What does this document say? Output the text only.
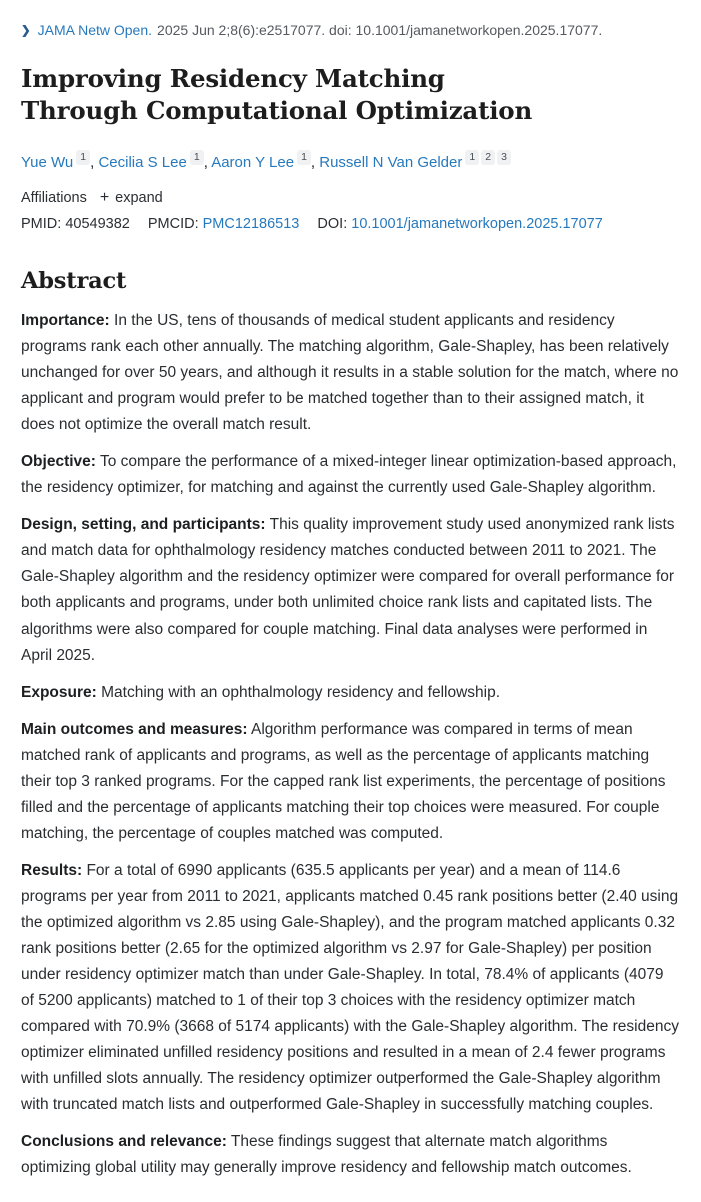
❯ JAMA Netw Open. 2025 Jun 2;8(6):e2517077. doi: 10.1001/jamanetworkopen.2025.17077.
Improving Residency Matching Through Computational Optimization
Yue Wu 1 , Cecilia S Lee 1 , Aaron Y Lee 1 , Russell N Van Gelder 1 2 3
Affiliations + expand
PMID: 40549382 PMCID: PMC12186513 DOI: 10.1001/jamanetworkopen.2025.17077
Abstract

Importance: In the US, tens of thousands of medical student applicants and residency programs rank each other annually. The matching algorithm, Gale-Shapley, has been relatively unchanged for over 50 years, and although it results in a stable solution for the match, where no applicant and program would prefer to be matched together than to their assigned match, it does not optimize the overall match result.

Objective: To compare the performance of a mixed-integer linear optimization-based approach, the residency optimizer, for matching and against the currently used Gale-Shapley algorithm.

Design, setting, and participants: This quality improvement study used anonymized rank lists and match data for ophthalmology residency matches conducted between 2011 to 2021. The Gale-Shapley algorithm and the residency optimizer were compared for overall performance for both applicants and programs, under both unlimited choice rank lists and capitated lists. The algorithms were also compared for couple matching. Final data analyses were performed in April 2025.

Exposure: Matching with an ophthalmology residency and fellowship.

Main outcomes and measures: Algorithm performance was compared in terms of mean matched rank of applicants and programs, as well as the percentage of applicants matching their top 3 ranked programs. For the capped rank list experiments, the percentage of positions filled and the percentage of applicants matching their top choices were measured. For couple matching, the percentage of couples matched was computed.

Results: For a total of 6990 applicants (635.5 applicants per year) and a mean of 114.6 programs per year from 2011 to 2021, applicants matched 0.45 rank positions better (2.40 using the optimized algorithm vs 2.85 using Gale-Shapley), and the program matched applicants 0.32 rank positions better (2.65 for the optimized algorithm vs 2.97 for Gale-Shapley) per position under residency optimizer match than under Gale-Shapley. In total, 78.4% of applicants (4079 of 5200 applicants) matched to 1 of their top 3 choices with the residency optimizer match compared with 70.9% (3668 of 5174 applicants) with the Gale-Shapley algorithm. The residency optimizer eliminated unfilled residency positions and resulted in a mean of 2.4 fewer programs with unfilled slots annually. The residency optimizer outperformed the Gale-Shapley algorithm with truncated match lists and outperformed Gale-Shapley in successfully matching couples.

Conclusions and relevance: These findings suggest that alternate match algorithms optimizing global utility may generally improve residency and fellowship match outcomes.
